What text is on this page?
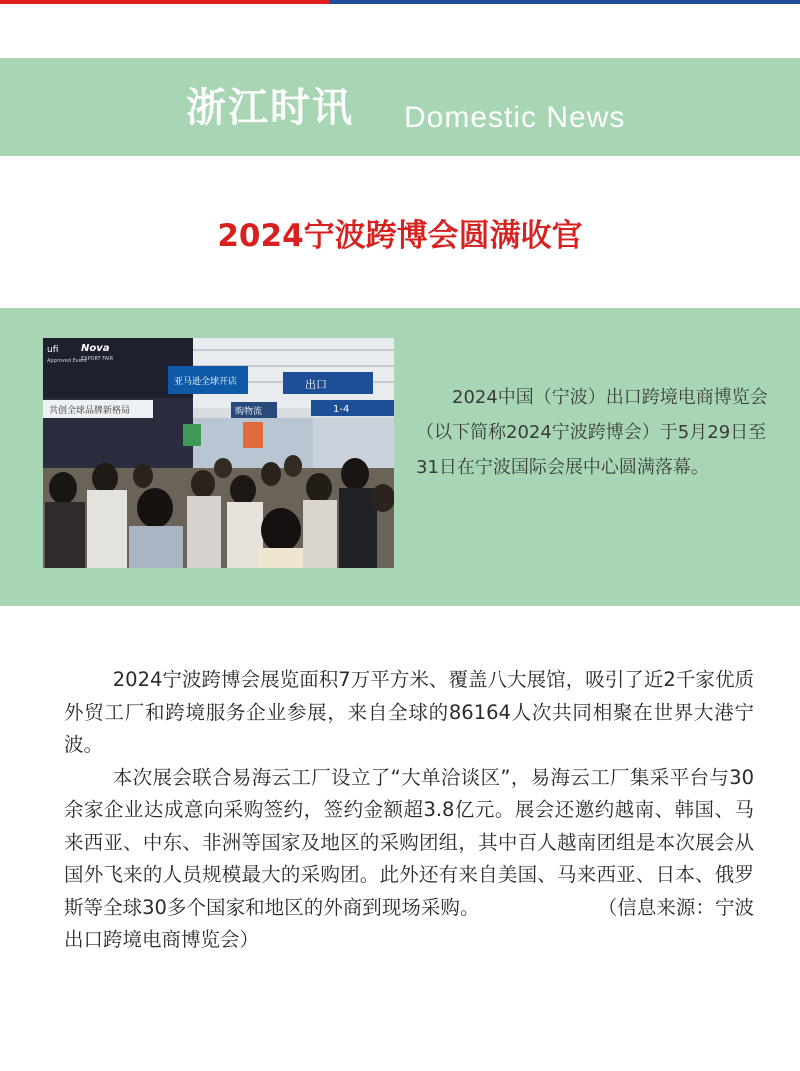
浙江时讯 Domestic News
2024宁波跨博会圆满收官
共创全球品牌新格局
亚马逊全球开店
ufi
Approved Event
Nova
EXPORT FAIR
出口
1-4
购物流

2024中国（宁波）出口跨境电商博览会（以下简称2024宁波跨博会）于5月29日至31日在宁波国际会展中心圆满落幕。

2024宁波跨博会展览面积7万平方米、覆盖八大展馆，吸引了近2千家优质外贸工厂和跨境服务企业参展，来自全球的86164人次共同相聚在世界大港宁波。

本次展会联合易海云工厂设立了“大单洽谈区”，易海云工厂集采平台与30余家企业达成意向采购签约，签约金额超3.8亿元。展会还邀约越南、韩国、马来西亚、中东、非洲等国家及地区的采购团组，其中百人越南团组是本次展会从国外飞来的人员规模最大的采购团。此外还有来自美国、马来西亚、日本、俄罗斯等全球30多个国家和地区的外商到现场采购。	（信息来源：宁波出口跨境电商博览会）
